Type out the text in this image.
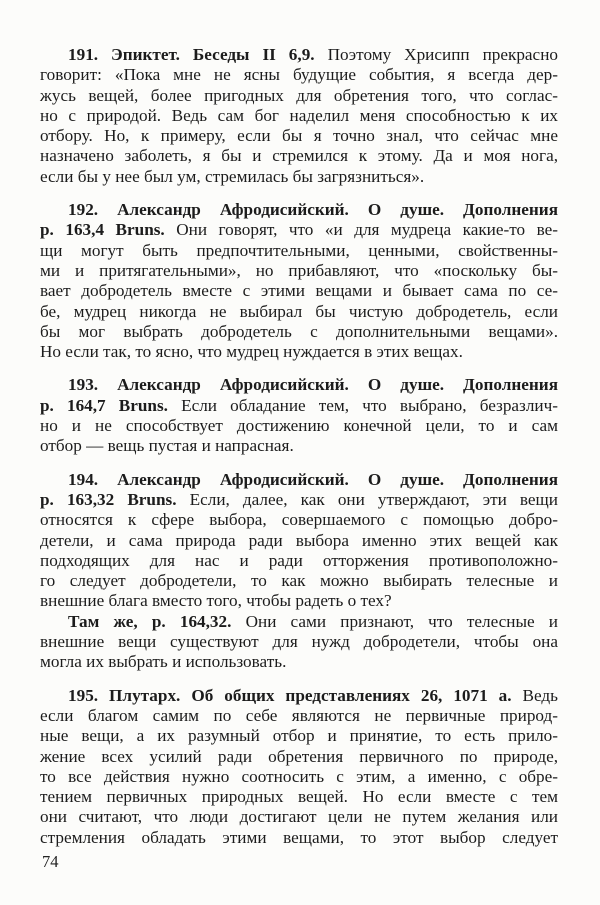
191. Эпиктет. Беседы II 6,9. Поэтому Хрисипп прекрасно
говорит: «Пока мне не ясны будущие события, я всегда дер-
жусь вещей, более пригодных для обретения того, что соглас-
но с природой. Ведь сам бог наделил меня способностью к их
отбору. Но, к примеру, если бы я точно знал, что сейчас мне
назначено заболеть, я бы и стремился к этому. Да и моя нога,
если бы у нее был ум, стремилась бы загрязниться».
192. Александр Афродисийский. О душе. Дополнения
р. 163,4 Bruns. Они говорят, что «и для мудреца какие-то ве-
щи могут быть предпочтительными, ценными, свойственны-
ми и притягательными», но прибавляют, что «поскольку бы-
вает добродетель вместе с этими вещами и бывает сама по се-
бе, мудрец никогда не выбирал бы чистую добродетель, если
бы мог выбрать добродетель с дополнительными вещами».
Но если так, то ясно, что мудрец нуждается в этих вещах.
193. Александр Афродисийский. О душе. Дополнения
р. 164,7 Bruns. Если обладание тем, что выбрано, безразлич-
но и не способствует достижению конечной цели, то и сам
отбор — вещь пустая и напрасная.
194. Александр Афродисийский. О душе. Дополнения
р. 163,32 Bruns. Если, далее, как они утверждают, эти вещи
относятся к сфере выбора, совершаемого с помощью добро-
детели, и сама природа ради выбора именно этих вещей как
подходящих для нас и ради отторжения противоположно-
го следует добродетели, то как можно выбирать телесные и
внешние блага вместо того, чтобы радеть о тех?
Там же, р. 164,32. Они сами признают, что телесные и
внешние вещи существуют для нужд добродетели, чтобы она
могла их выбрать и использовать.
195. Плутарх. Об общих представлениях 26, 1071 а. Ведь
если благом самим по себе являются не первичные природ-
ные вещи, а их разумный отбор и принятие, то есть прило-
жение всех усилий ради обретения первичного по природе,
то все действия нужно соотносить с этим, а именно, с обре-
тением первичных природных вещей. Но если вместе с тем
они считают, что люди достигают цели не путем желания или
стремления обладать этими вещами, то этот выбор следует
74
